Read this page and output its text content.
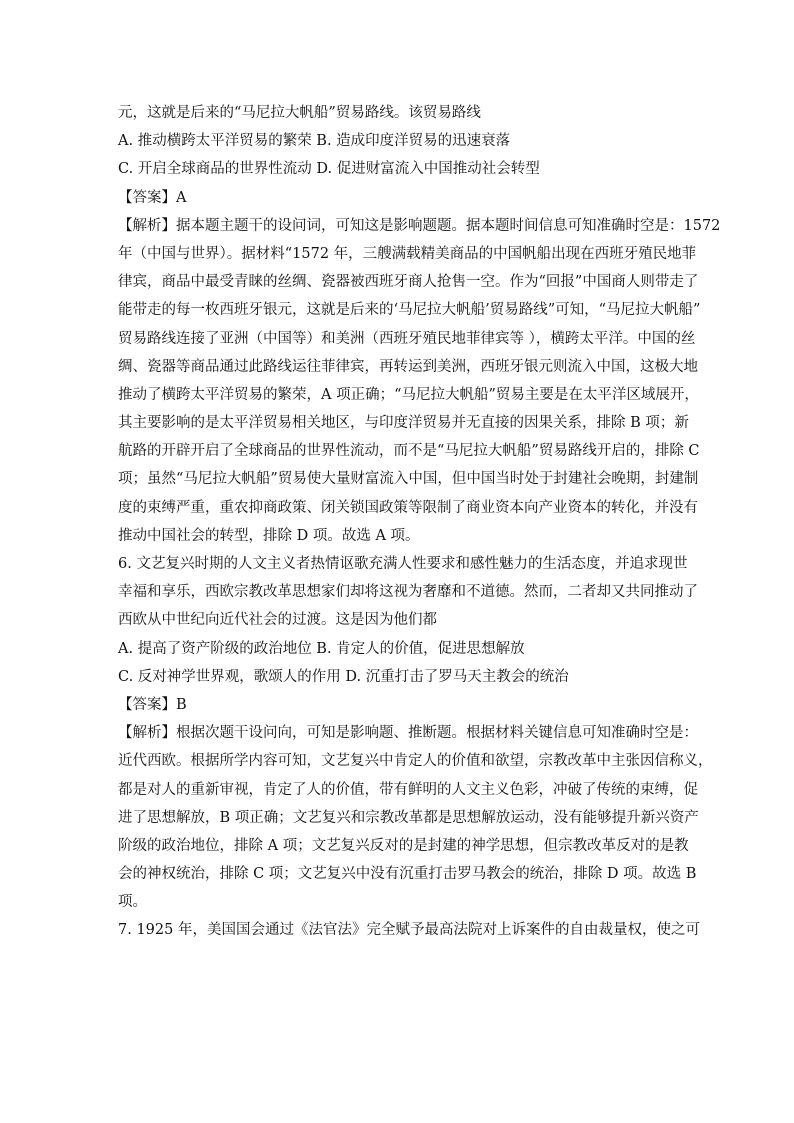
元，这就是后来的“马尼拉大帆船”贸易路线。该贸易路线
A. 推动横跨太平洋贸易的繁荣 B. 造成印度洋贸易的迅速衰落
C. 开启全球商品的世界性流动 D. 促进财富流入中国推动社会转型
【答案】A
【解析】据本题主题干的设问词，可知这是影响题题。据本题时间信息可知准确时空是：1572
年（中国与世界）。据材料“1572 年，三艘满载精美商品的中国帆船出现在西班牙殖民地菲
律宾，商品中最受青睐的丝绸、瓷器被西班牙商人抢售一空。作为“回报”中国商人则带走了
能带走的每一枚西班牙银元，这就是后来的‘马尼拉大帆船’贸易路线”可知，“马尼拉大帆船”
贸易路线连接了亚洲（中国等）和美洲（西班牙殖民地菲律宾等 ），横跨太平洋。中国的丝
绸、瓷器等商品通过此路线运往菲律宾，再转运到美洲，西班牙银元则流入中国，这极大地
推动了横跨太平洋贸易的繁荣，A 项正确；“马尼拉大帆船”贸易主要是在太平洋区域展开，
其主要影响的是太平洋贸易相关地区，与印度洋贸易并无直接的因果关系，排除 B 项；新
航路的开辟开启了全球商品的世界性流动，而不是“马尼拉大帆船”贸易路线开启的，排除 C
项；虽然“马尼拉大帆船”贸易使大量财富流入中国，但中国当时处于封建社会晚期，封建制
度的束缚严重，重农抑商政策、闭关锁国政策等限制了商业资本向产业资本的转化，并没有
推动中国社会的转型，排除 D 项。故选 A 项。
6. 文艺复兴时期的人文主义者热情讴歌充满人性要求和感性魅力的生活态度，并追求现世
幸福和享乐，西欧宗教改革思想家们却将这视为奢靡和不道德。然而，二者却又共同推动了
西欧从中世纪向近代社会的过渡。这是因为他们都
A. 提高了资产阶级的政治地位 B. 肯定人的价值，促进思想解放
C. 反对神学世界观，歌颂人的作用 D. 沉重打击了罗马天主教会的统治
【答案】B
【解析】根据次题干设问向，可知是影响题、推断题。根据材料关键信息可知准确时空是：
近代西欧。根据所学内容可知，文艺复兴中肯定人的价值和欲望，宗教改革中主张因信称义，
都是对人的重新审视，肯定了人的价值，带有鲜明的人文主义色彩，冲破了传统的束缚，促
进了思想解放，B 项正确；文艺复兴和宗教改革都是思想解放运动，没有能够提升新兴资产
阶级的政治地位，排除 A 项；文艺复兴反对的是封建的神学思想，但宗教改革反对的是教
会的神权统治，排除 C 项；文艺复兴中没有沉重打击罗马教会的统治，排除 D 项。故选 B
项。
7. 1925 年，美国国会通过《法官法》完全赋予最高法院对上诉案件的自由裁量权，使之可
